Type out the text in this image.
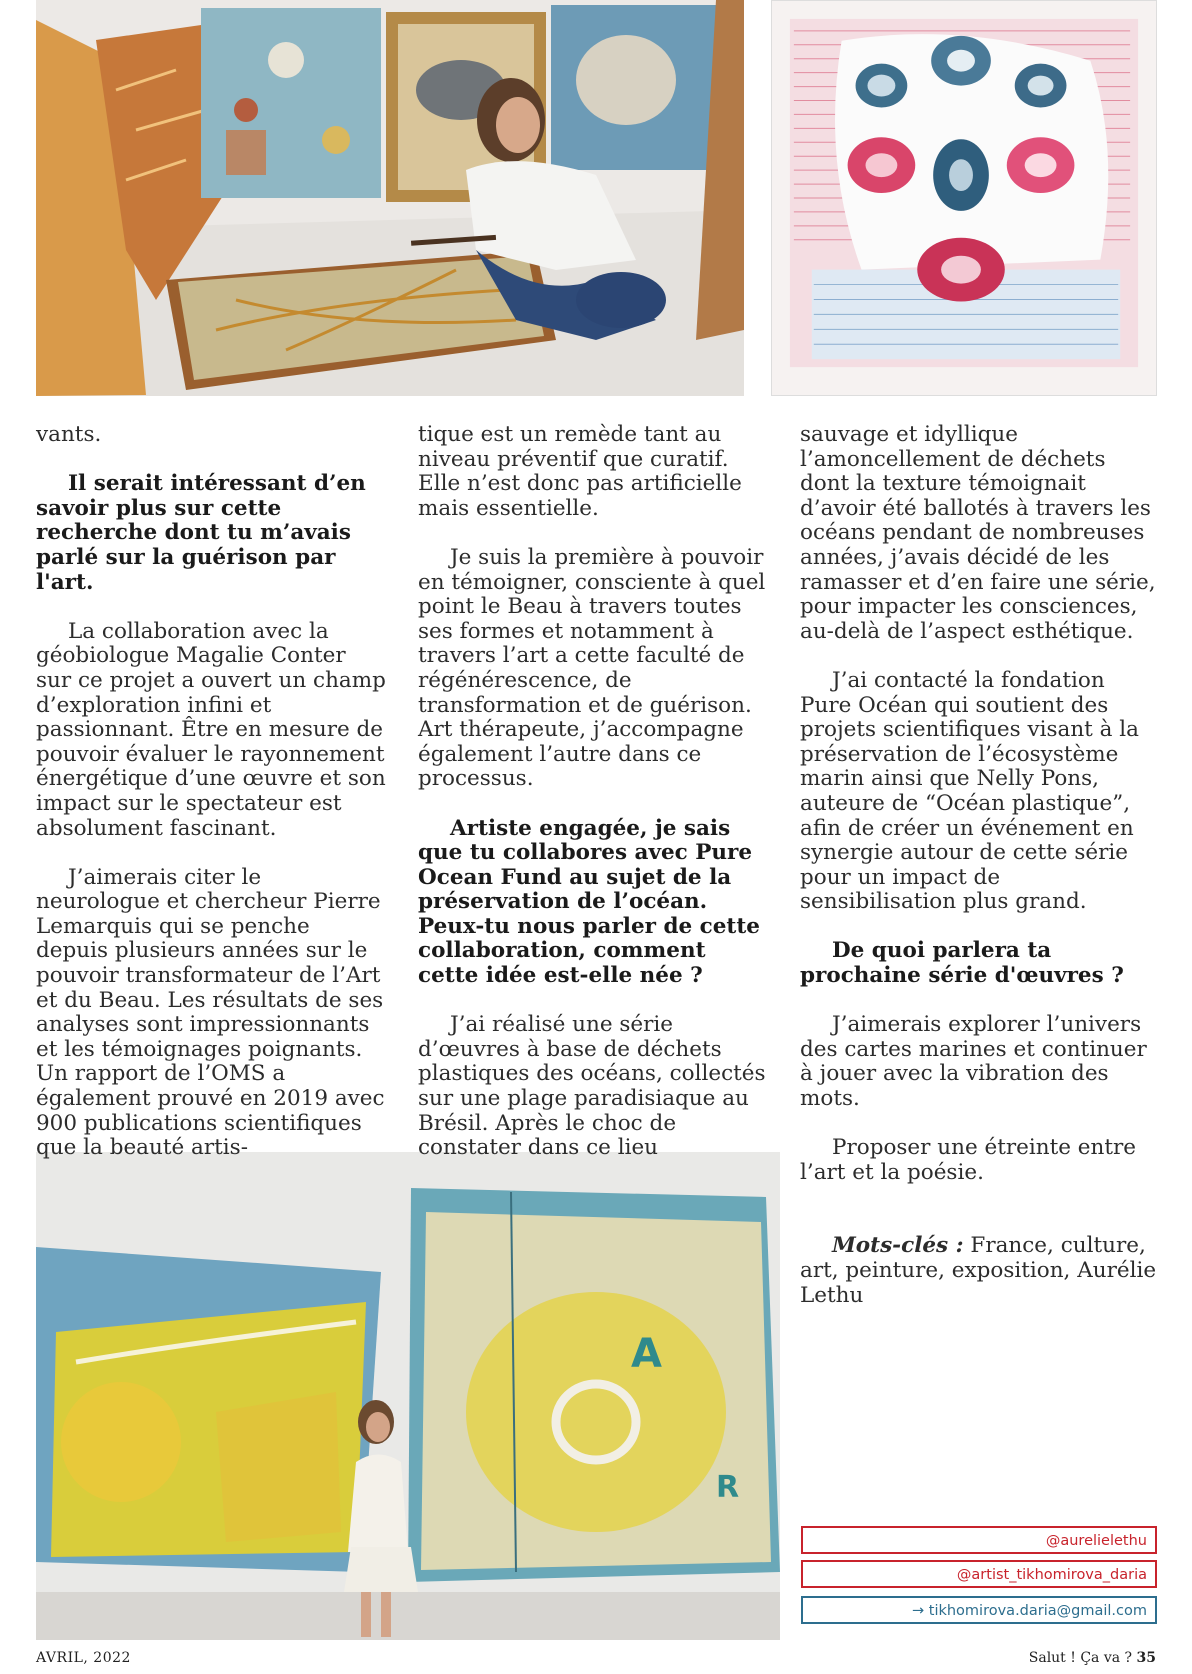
A
R

vants.

Il serait intéressant d’en savoir plus sur cette recherche dont tu m’avais parlé sur la guérison par l'art.

La collaboration avec la géobiologue Magalie Conter sur ce projet a ouvert un champ d’exploration infini et passionnant. Être en mesure de pouvoir évaluer le rayonnement énergétique d’une œuvre et son impact sur le spectateur est absolument fascinant.

J’aimerais citer le neurologue et chercheur Pierre Lemarquis qui se penche depuis plusieurs années sur le pouvoir transformateur de l’Art et du Beau. Les résultats de ses analyses sont impressionnants et les témoignages poignants. Un rapport de l’OMS a également prouvé en 2019 avec 900 publications scientifiques que la beauté artis-

tique est un remède tant au niveau préventif que curatif. Elle n’est donc pas artificielle mais essentielle.

Je suis la première à pouvoir en témoigner, consciente à quel point le Beau à travers toutes ses formes et notamment à travers l’art a cette faculté de régénérescence, de transformation et de guérison. Art thérapeute, j’accompagne également l’autre dans ce processus.

Artiste engagée, je sais que tu collabores avec Pure Ocean Fund au sujet de la préservation de l’océan. Peux-tu nous parler de cette collaboration, comment cette idée est-elle née ?

J’ai réalisé une série d’œuvres à base de déchets plastiques des océans, collectés sur une plage paradisiaque au Brésil. Après le choc de constater dans ce lieu

sauvage et idyllique l’amoncellement de déchets dont la texture témoignait d’avoir été ballotés à travers les océans pendant de nombreuses années, j’avais décidé de les ramasser et d’en faire une série, pour impacter les consciences, au-delà de l’aspect esthétique.

J’ai contacté la fondation Pure Océan qui soutient des projets scientifiques visant à la préservation de l’écosystème marin ainsi que Nelly Pons, auteure de “Océan plastique”, afin de créer un événement en synergie autour de cette série pour un impact de sensibilisation plus grand.

De quoi parlera ta prochaine série d'œuvres ?

J’aimerais explorer l’univers des cartes marines et continuer à jouer avec la vibration des mots.

Proposer une étreinte entre l’art et la poésie.

Mots-clés : France, culture, art, peinture, exposition, Aurélie Lethu

@aurelielethu
@artist_tikhomirova_daria
→ tikhomirova.daria@gmail.com
AVRIL, 2022	Salut ! Ça va ? 35
